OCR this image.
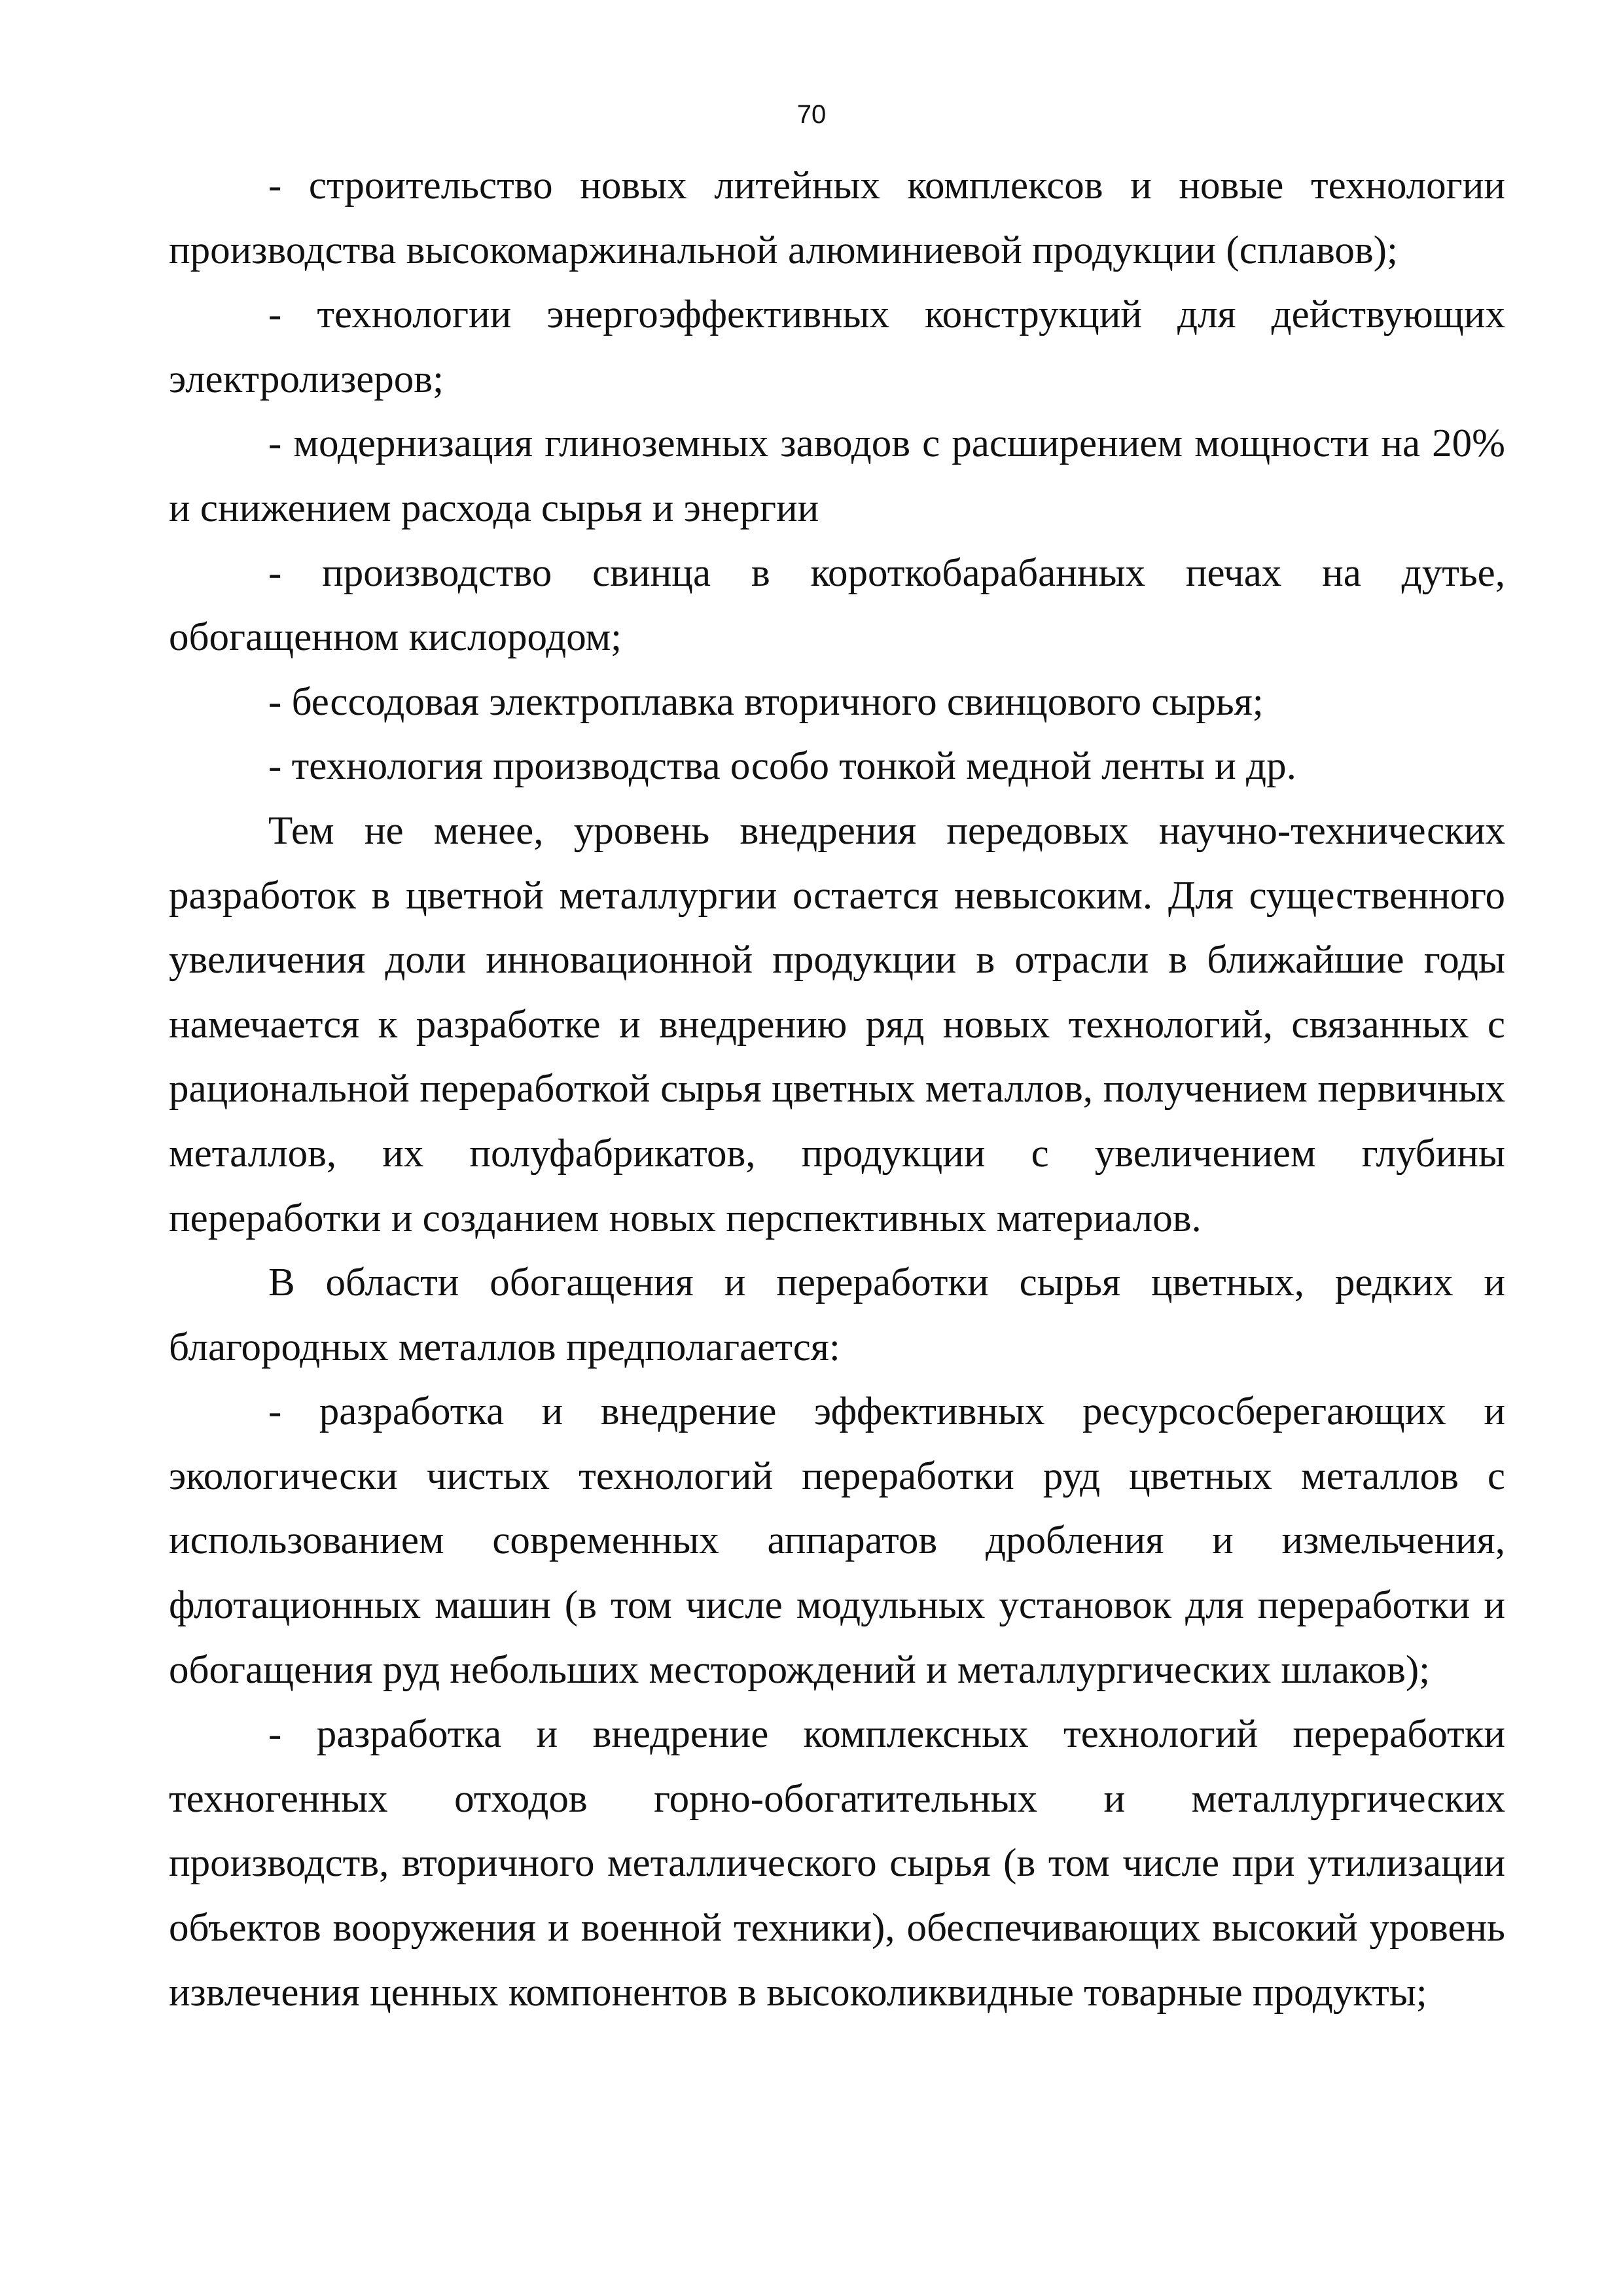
70

- строительство новых литейных комплексов и новые технологии производства высокомаржинальной алюминиевой продукции (сплавов);

- технологии энергоэффективных конструкций для действующих электролизеров;

- модернизация глиноземных заводов с расширением мощности на 20% и снижением расхода сырья и энергии

- производство свинца в короткобарабанных печах на дутье, обогащенном кислородом;

- бессодовая электроплавка вторичного свинцового сырья;

- технология производства особо тонкой медной ленты и др.

Тем не менее, уровень внедрения передовых научно-технических разработок в цветной металлургии остается невысоким. Для существенного увеличения доли инновационной продукции в отрасли в ближайшие годы намечается к разработке и внедрению ряд новых технологий, связанных с рациональной переработкой сырья цветных металлов, получением первичных металлов, их полуфабрикатов, продукции с увеличением глубины переработки и созданием новых перспективных материалов.

В области обогащения и переработки сырья цветных, редких и благородных металлов предполагается:

- разработка и внедрение эффективных ресурсосберегающих и экологически чистых технологий переработки руд цветных металлов с использованием современных аппаратов дробления и измельчения, флотационных машин (в том числе модульных установок для переработки и обогащения руд небольших месторождений и металлургических шлаков);

- разработка и внедрение комплексных технологий переработки техногенных отходов горно-обогатительных и металлургических производств, вторичного металлического сырья (в том числе при утилизации объектов вооружения и военной техники), обеспечивающих высокий уровень извлечения ценных компонентов в высоколиквидные товарные продукты;
